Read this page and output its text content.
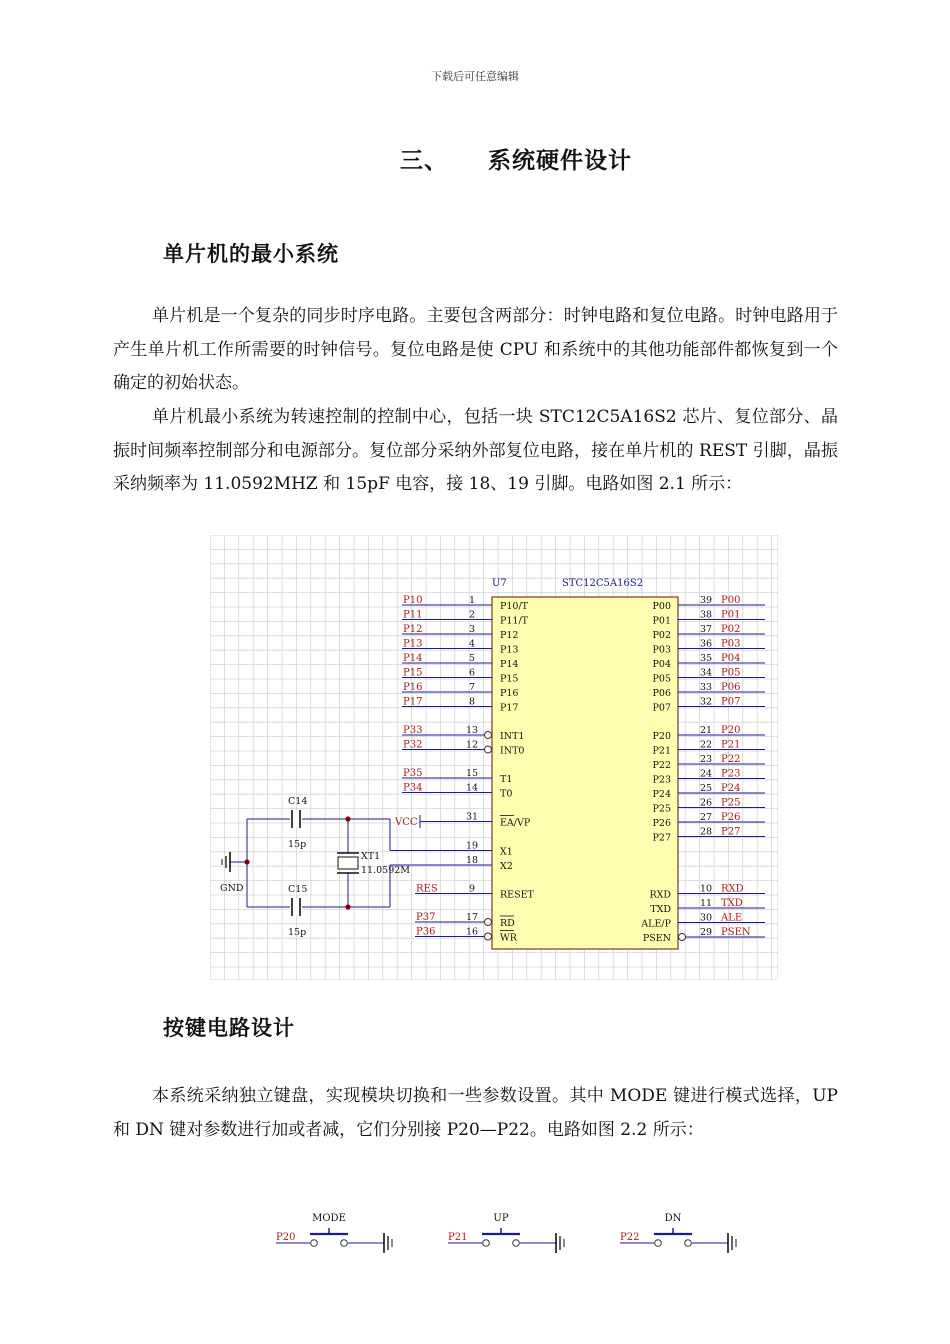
下载后可任意编辑
三、 系统硬件设计
单片机的最小系统

单片机是一个复杂的同步时序电路。主要包含两部分：时钟电路和复位电路。时钟电路用于产生单片机工作所需要的时钟信号。复位电路是使 CPU 和系统中的其他功能部件都恢复到一个确定的初始状态。

单片机最小系统为转速控制的控制中心，包括一块 STC12C5A16S2 芯片、复位部分、晶振时间频率控制部分和电源部分。复位部分采纳外部复位电路，接在单片机的 REST 引脚，晶振采纳频率为 11.0592MHZ 和 15pF 电容，接 18、19 引脚。电路如图 2.1 所示：

U7	STC12C5A16S2
P10	1
P10/T
P11	2
P11/T
P12	3
P12
P13	4
P13
P14	5
P14
P15	6
P15
P16	7
P16
P17	8
P17
P33	13
INT1
P32	12
INT0
P35	15
T1
P34	14
T0
31
EA/VP
19
X1
18
X2
RES	9
RESET
P37	17
RD
P36	16
WR
P00
39 P00
P01
38 P01
P02
37 P02
P03
36 P03
P04
35 P04
P05
34 P05
P06
33 P06
P07
32 P07
P20
21 P20
P21
22 P21
P22
23 P22
P23
24 P23
P24
25 P24
P25
26 P25
P26
27 P26
P27
28 P27
RXD
10 RXD
TXD
11 TXD
ALE/P
30 ALE
PSEN
29 PSEN
VCC
C14
15p
C15
15p
XT1
11.0592M
GND
按键电路设计

本系统采纳独立键盘，实现模块切换和一些参数设置。其中 MODE 键进行模式选择，UP 和 DN 键对参数进行加或者减，它们分别接 P20—P22。电路如图 2.2 所示：

P20
MODE
P21
UP
P22
DN
